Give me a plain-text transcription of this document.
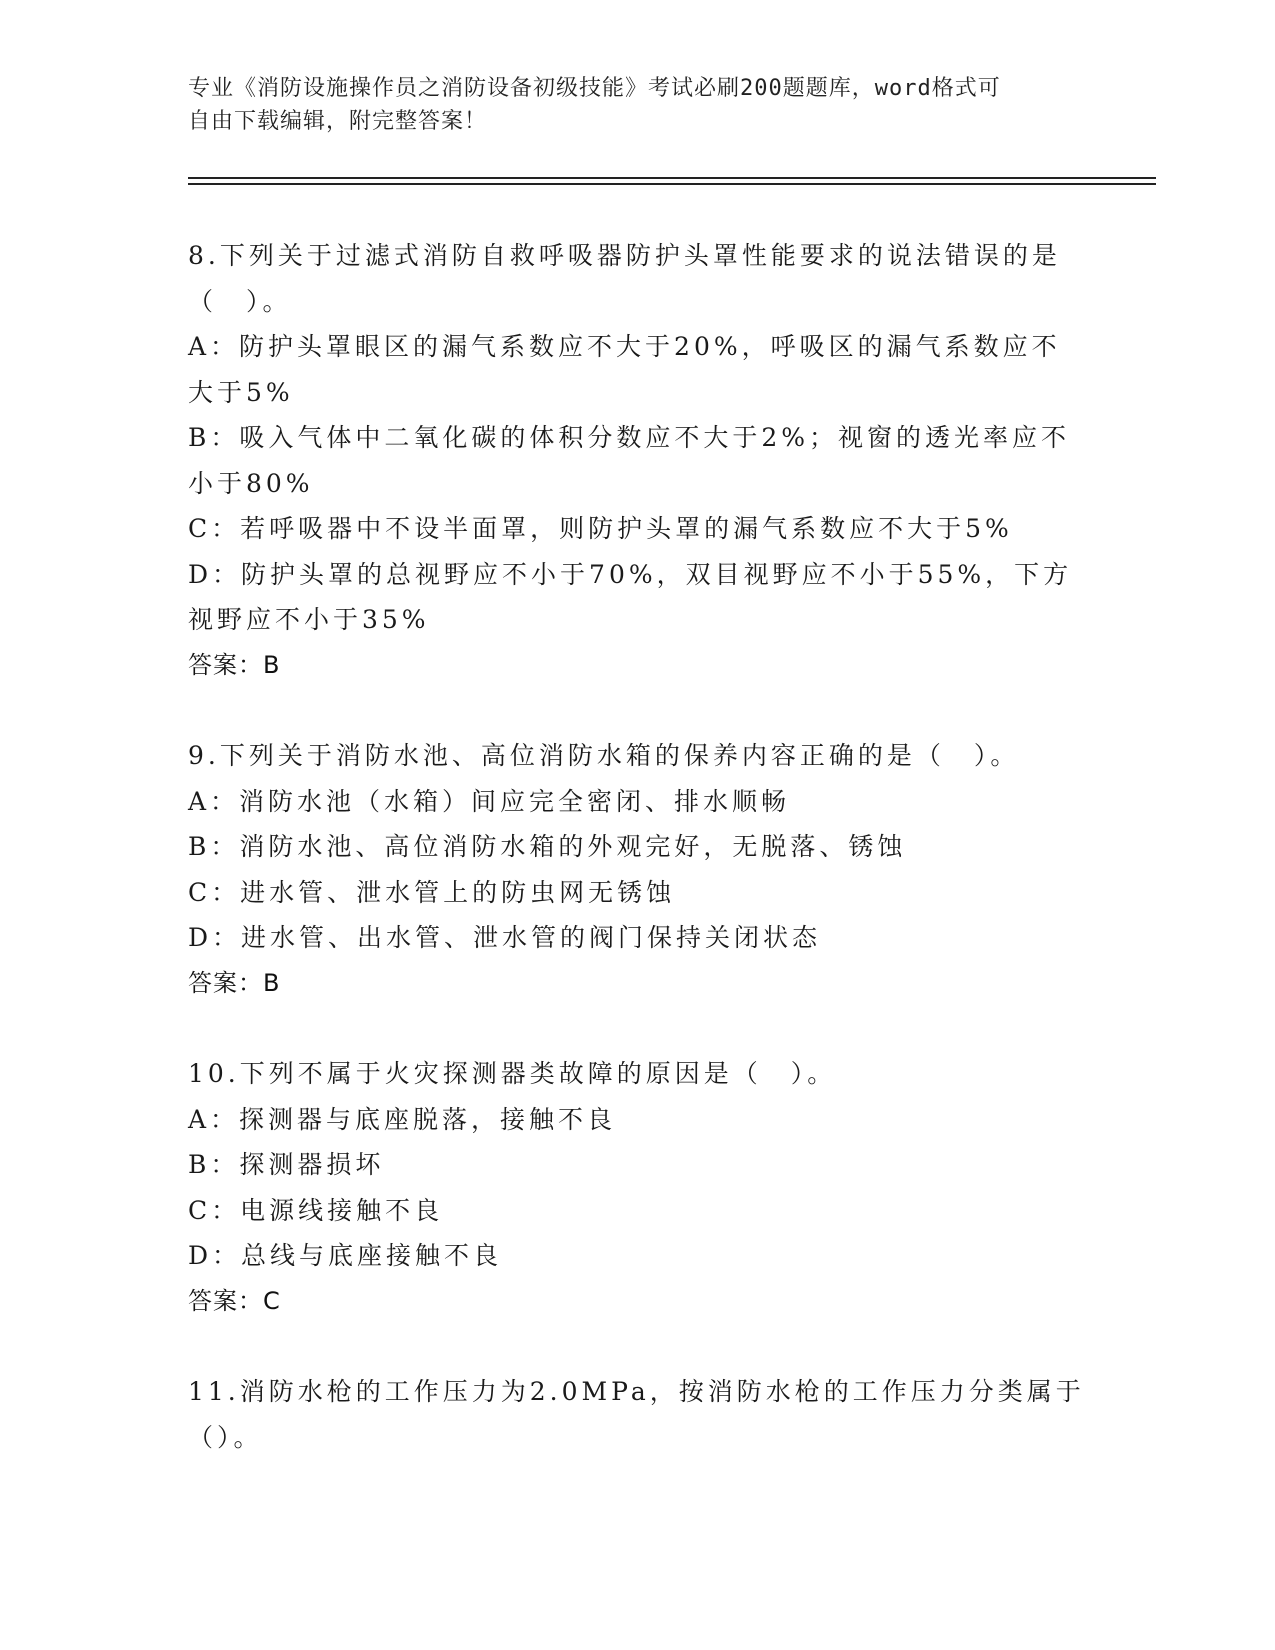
专业《消防设施操作员之消防设备初级技能》考试必刷200题题库，word格式可
自由下载编辑，附完整答案！

8.下列关于过滤式消防自救呼吸器防护头罩性能要求的说法错误的是（　）。

A：防护头罩眼区的漏气系数应不大于20%，呼吸区的漏气系数应不大于5%

B：吸入气体中二氧化碳的体积分数应不大于2%；视窗的透光率应不小于80%

C：若呼吸器中不设半面罩，则防护头罩的漏气系数应不大于5%

D：防护头罩的总视野应不小于70%，双目视野应不小于55%，下方视野应不小于35%

答案：B

9.下列关于消防水池、高位消防水箱的保养内容正确的是（　）。

A：消防水池（水箱）间应完全密闭、排水顺畅

B：消防水池、高位消防水箱的外观完好，无脱落、锈蚀

C：进水管、泄水管上的防虫网无锈蚀

D：进水管、出水管、泄水管的阀门保持关闭状态

答案：B

10.下列不属于火灾探测器类故障的原因是（　）。

A：探测器与底座脱落，接触不良

B：探测器损坏

C：电源线接触不良

D：总线与底座接触不良

答案：C

11.消防水枪的工作压力为2.0MPa，按消防水枪的工作压力分类属于（）。
